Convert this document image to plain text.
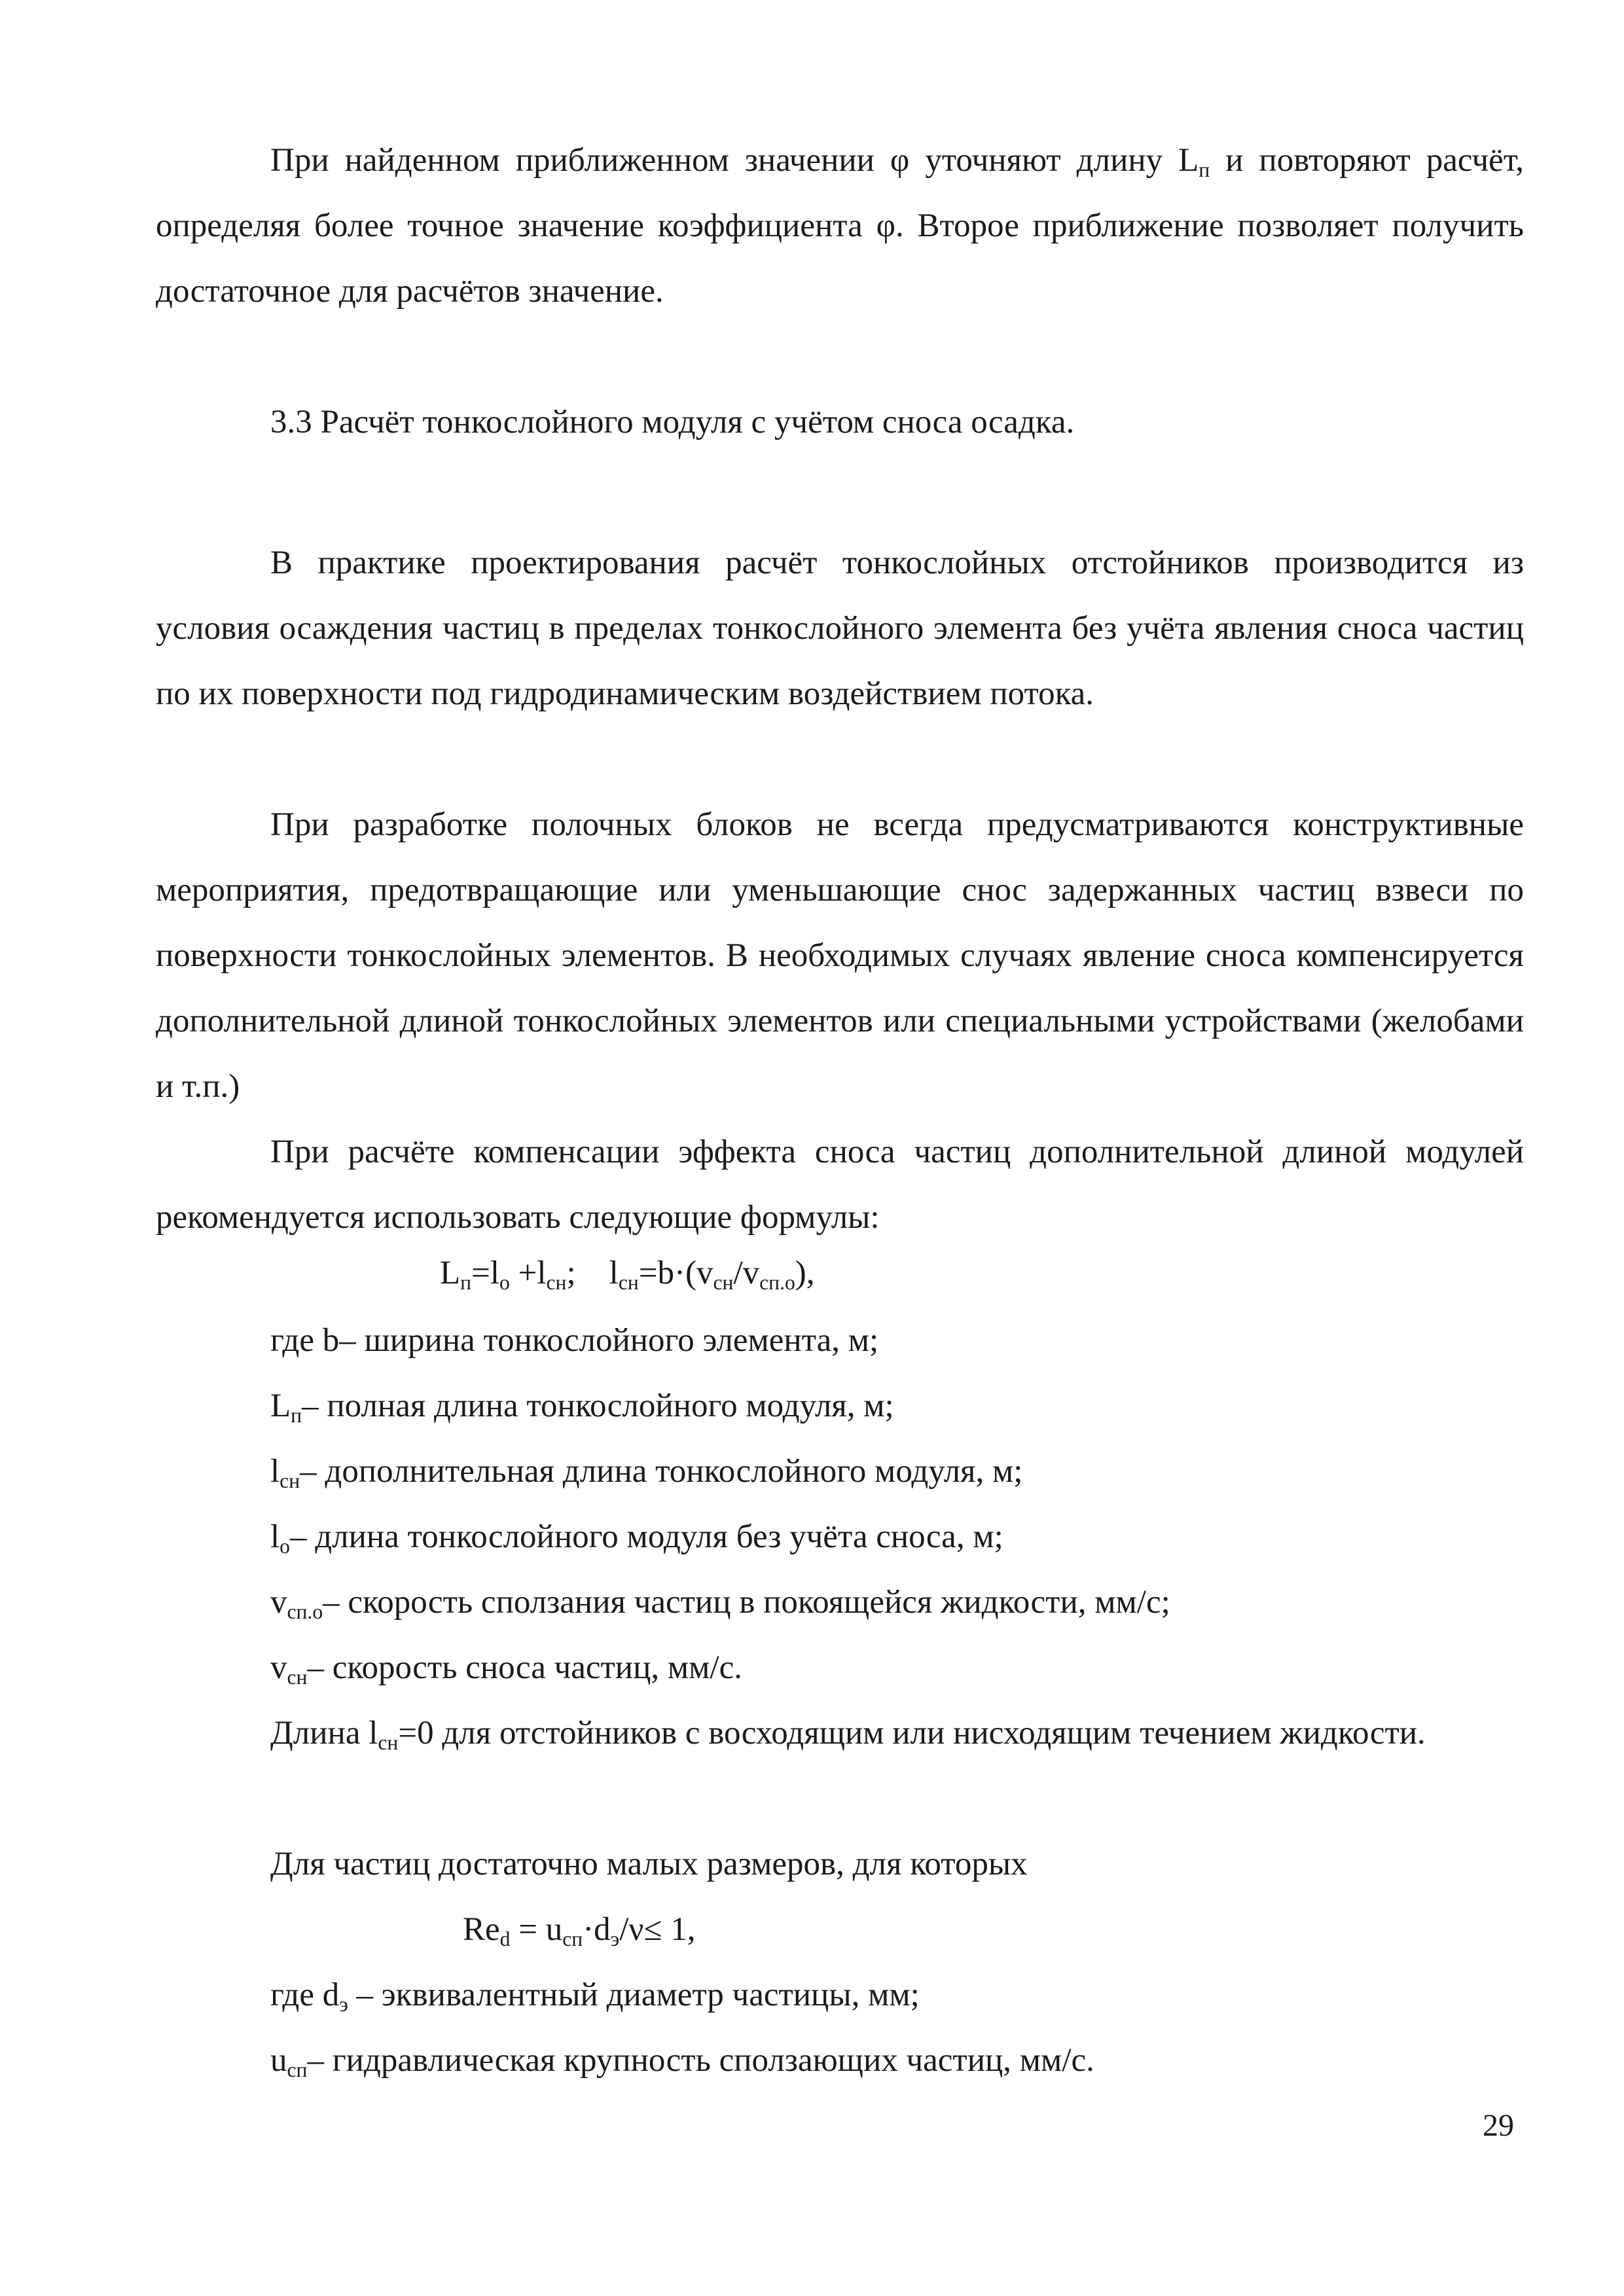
При найденном приближенном значении φ уточняют длину $L_п$ и повторяют расчёт, определяя более точное значение коэффициента φ. Второе приближение позволяет получить достаточное для расчётов значение.

3.3 Расчёт тонкослойного модуля с учётом сноса осадка.

В практике проектирования расчёт тонкослойных отстойников производится из условия осаждения частиц в пределах тонкослойного элемента без учёта явления сноса частиц по их поверхности под гидродинамическим воздействием потока.

При разработке полочных блоков не всегда предусматриваются конструктивные мероприятия, предотвращающие или уменьшающие снос задержанных частиц взвеси по поверхности тонкослойных элементов. В необходимых случаях явление сноса компенсируется дополнительной длиной тонкослойных элементов или специальными устройствами (желобами и т.п.)

При расчёте компенсации эффекта сноса частиц дополнительной длиной модулей рекомендуется использовать следующие формулы:

$L_п=l_о +l_{сн}$;    $l_{сн}=b\cdot(v_{сн}/v_{сп.о})$,

где b– ширина тонкослойного элемента, м;

$L_п-$ полная длина тонкослойного модуля, м;

$l_{сн}-$ дополнительная длина тонкослойного модуля, м;

$l_о-$ длина тонкослойного модуля без учёта сноса, м;

$v_{сп.о}-$ скорость сползания частиц в покоящейся жидкости, мм/с;

$v_{сн}-$ скорость сноса частиц, мм/с.

Длина $l_{сн}=0$ для отстойников с восходящим или нисходящим течением жидкости.

Для частиц достаточно малых размеров, для которых

$Re_d = u_{сп}\cdot d_э/\nu\le 1$,

где $d_э$ – эквивалентный диаметр частицы, мм;

$u_{сп}-$ гидравлическая крупность сползающих частиц, мм/с.

29
